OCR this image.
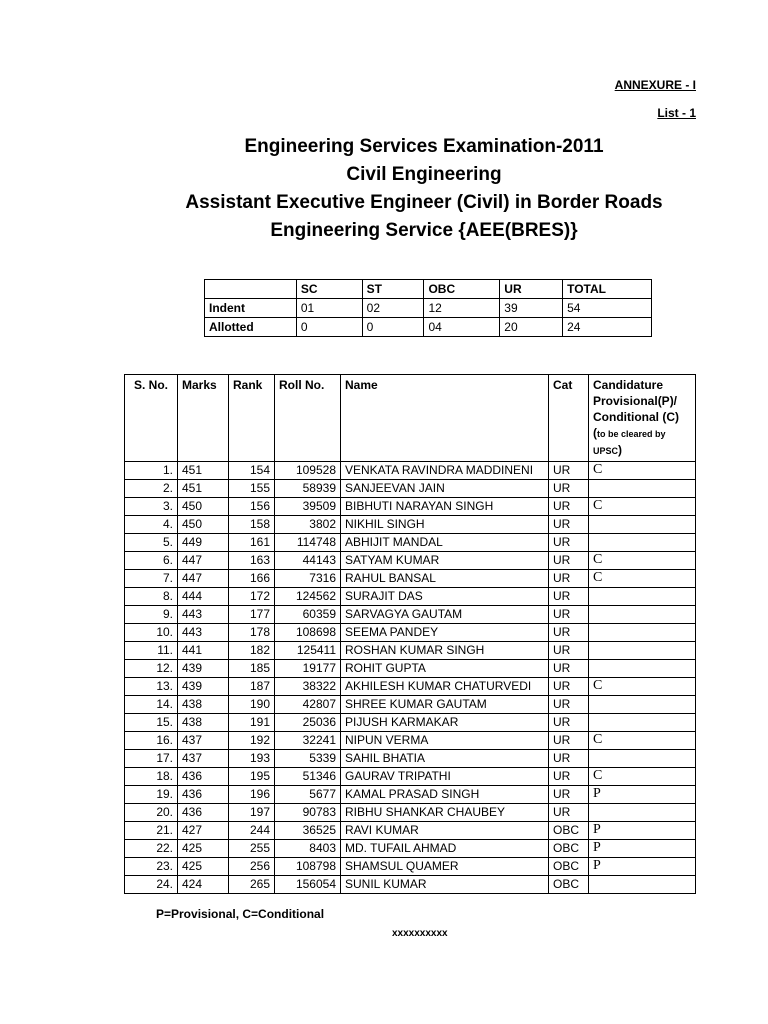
ANNEXURE - I
List - 1
Engineering Services Examination-2011
Civil Engineering
Assistant Executive Engineer (Civil) in Border Roads
Engineering Service {AEE(BRES)}
	SC	ST	OBC	UR	TOTAL
Indent	01	02	12	39	54
Allotted	0	0	04	20	24
S. No.	Marks	Rank	Roll No.	Name	Cat	Candidature
Provisional(P)/
Conditional (C)
(to be cleared by
UPSC)

1.	451	154	109528	VENKATA RAVINDRA MADDINENI	UR	C
2.	451	155	58939	SANJEEVAN JAIN	UR	
3.	450	156	39509	BIBHUTI NARAYAN SINGH	UR	C
4.	450	158	3802	NIKHIL SINGH	UR	
5.	449	161	114748	ABHIJIT MANDAL	UR	
6.	447	163	44143	SATYAM KUMAR	UR	C
7.	447	166	7316	RAHUL BANSAL	UR	C
8.	444	172	124562	SURAJIT DAS	UR	
9.	443	177	60359	SARVAGYA GAUTAM	UR	
10.	443	178	108698	SEEMA PANDEY	UR	
11.	441	182	125411	ROSHAN KUMAR SINGH	UR	
12.	439	185	19177	ROHIT GUPTA	UR	
13.	439	187	38322	AKHILESH KUMAR CHATURVEDI	UR	C
14.	438	190	42807	SHREE KUMAR GAUTAM	UR	
15.	438	191	25036	PIJUSH KARMAKAR	UR	
16.	437	192	32241	NIPUN VERMA	UR	C
17.	437	193	5339	SAHIL BHATIA	UR	
18.	436	195	51346	GAURAV TRIPATHI	UR	C
19.	436	196	5677	KAMAL PRASAD SINGH	UR	P
20.	436	197	90783	RIBHU SHANKAR CHAUBEY	UR	
21.	427	244	36525	RAVI KUMAR	OBC	P
22.	425	255	8403	MD. TUFAIL AHMAD	OBC	P
23.	425	256	108798	SHAMSUL QUAMER	OBC	P
24.	424	265	156054	SUNIL KUMAR	OBC	
P=Provisional, C=Conditional
xxxxxxxxxx
